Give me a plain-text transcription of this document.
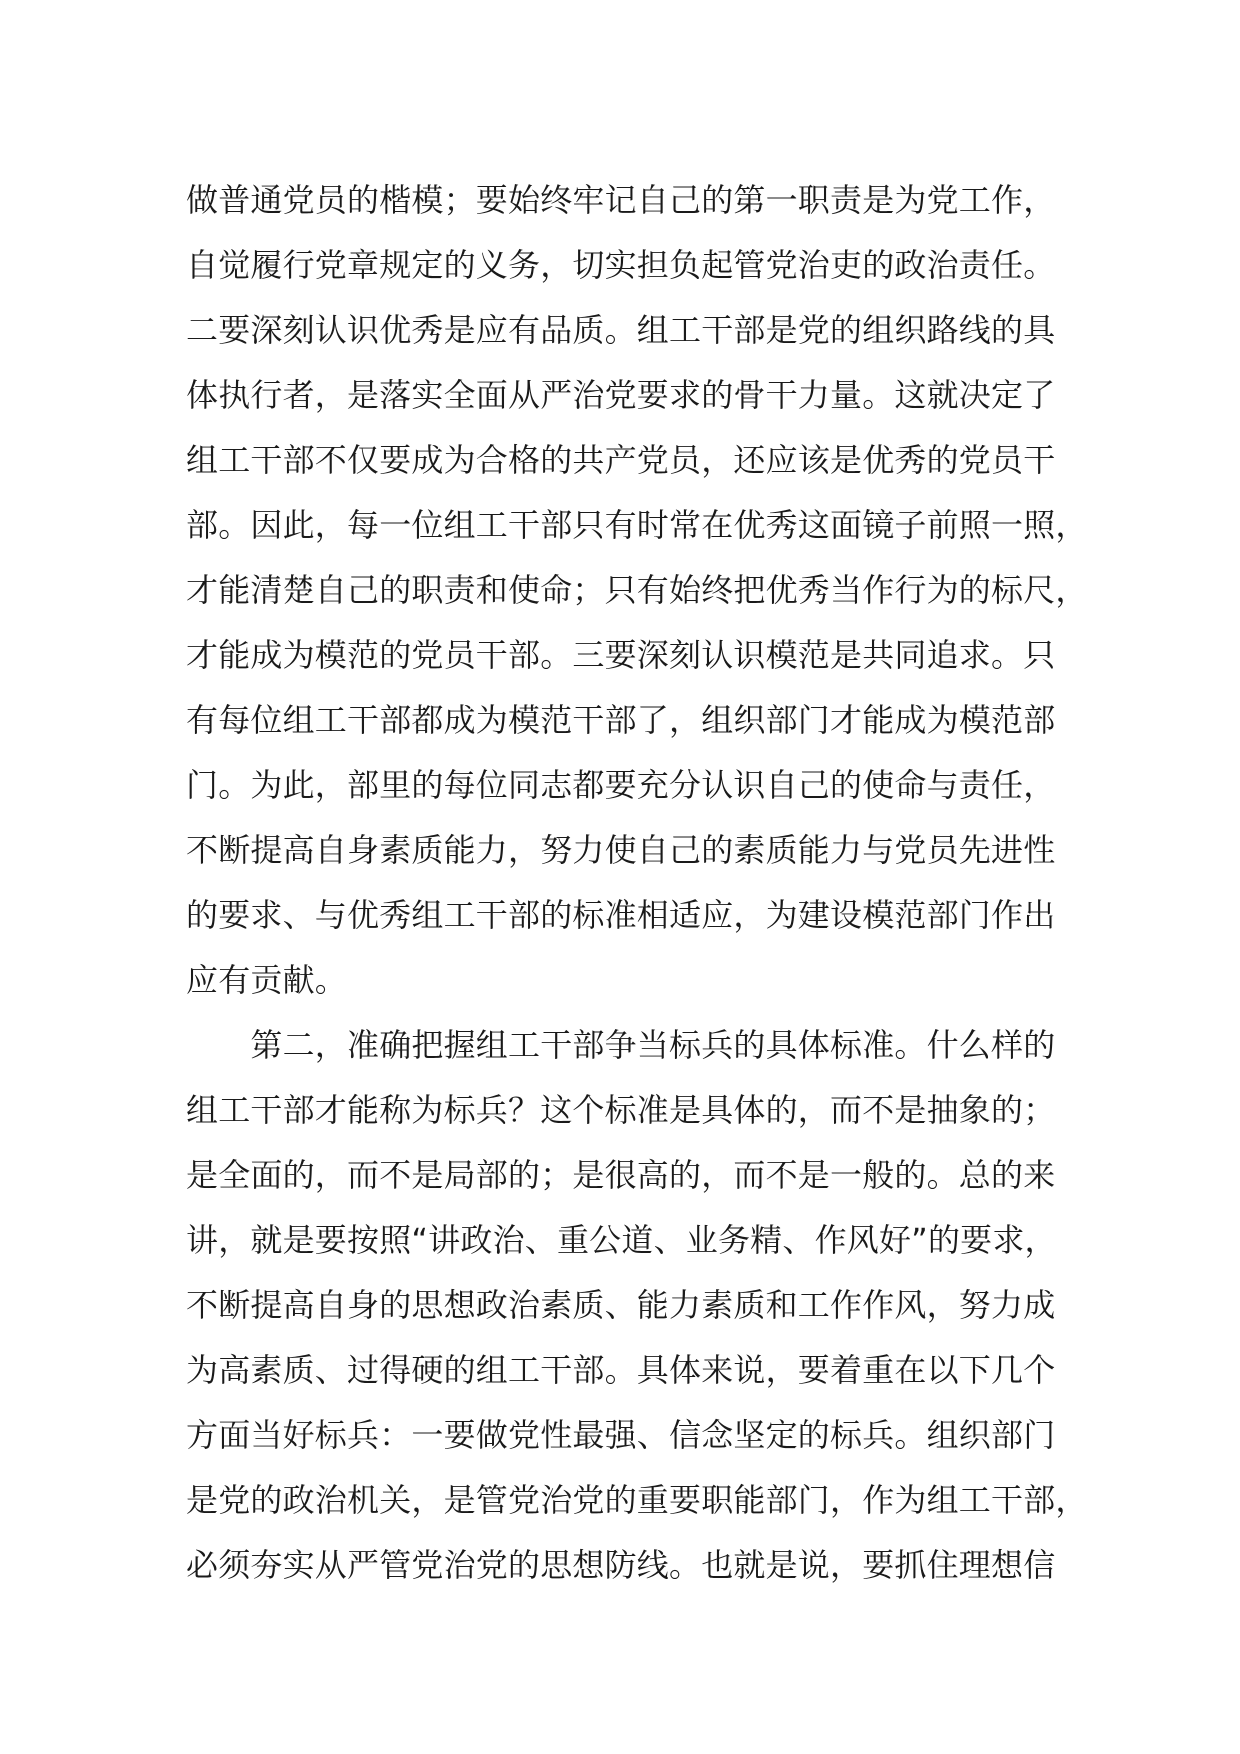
做普通党员的楷模；要始终牢记自己的第一职责是为党工作，
自觉履行党章规定的义务，切实担负起管党治吏的政治责任。
二要深刻认识优秀是应有品质。组工干部是党的组织路线的具
体执行者，是落实全面从严治党要求的骨干力量。这就决定了
组工干部不仅要成为合格的共产党员，还应该是优秀的党员干
部。因此，每一位组工干部只有时常在优秀这面镜子前照一照，
才能清楚自己的职责和使命；只有始终把优秀当作行为的标尺，
才能成为模范的党员干部。三要深刻认识模范是共同追求。只
有每位组工干部都成为模范干部了，组织部门才能成为模范部
门。为此，部里的每位同志都要充分认识自己的使命与责任，
不断提高自身素质能力，努力使自己的素质能力与党员先进性
的要求、与优秀组工干部的标准相适应，为建设模范部门作出
应有贡献。
　　第二，准确把握组工干部争当标兵的具体标准。什么样的
组工干部才能称为标兵？这个标准是具体的，而不是抽象的；
是全面的，而不是局部的；是很高的，而不是一般的。总的来
讲，就是要按照“讲政治、重公道、业务精、作风好”的要求，
不断提高自身的思想政治素质、能力素质和工作作风，努力成
为高素质、过得硬的组工干部。具体来说，要着重在以下几个
方面当好标兵：一要做党性最强、信念坚定的标兵。组织部门
是党的政治机关，是管党治党的重要职能部门，作为组工干部，
必须夯实从严管党治党的思想防线。也就是说，要抓住理想信
